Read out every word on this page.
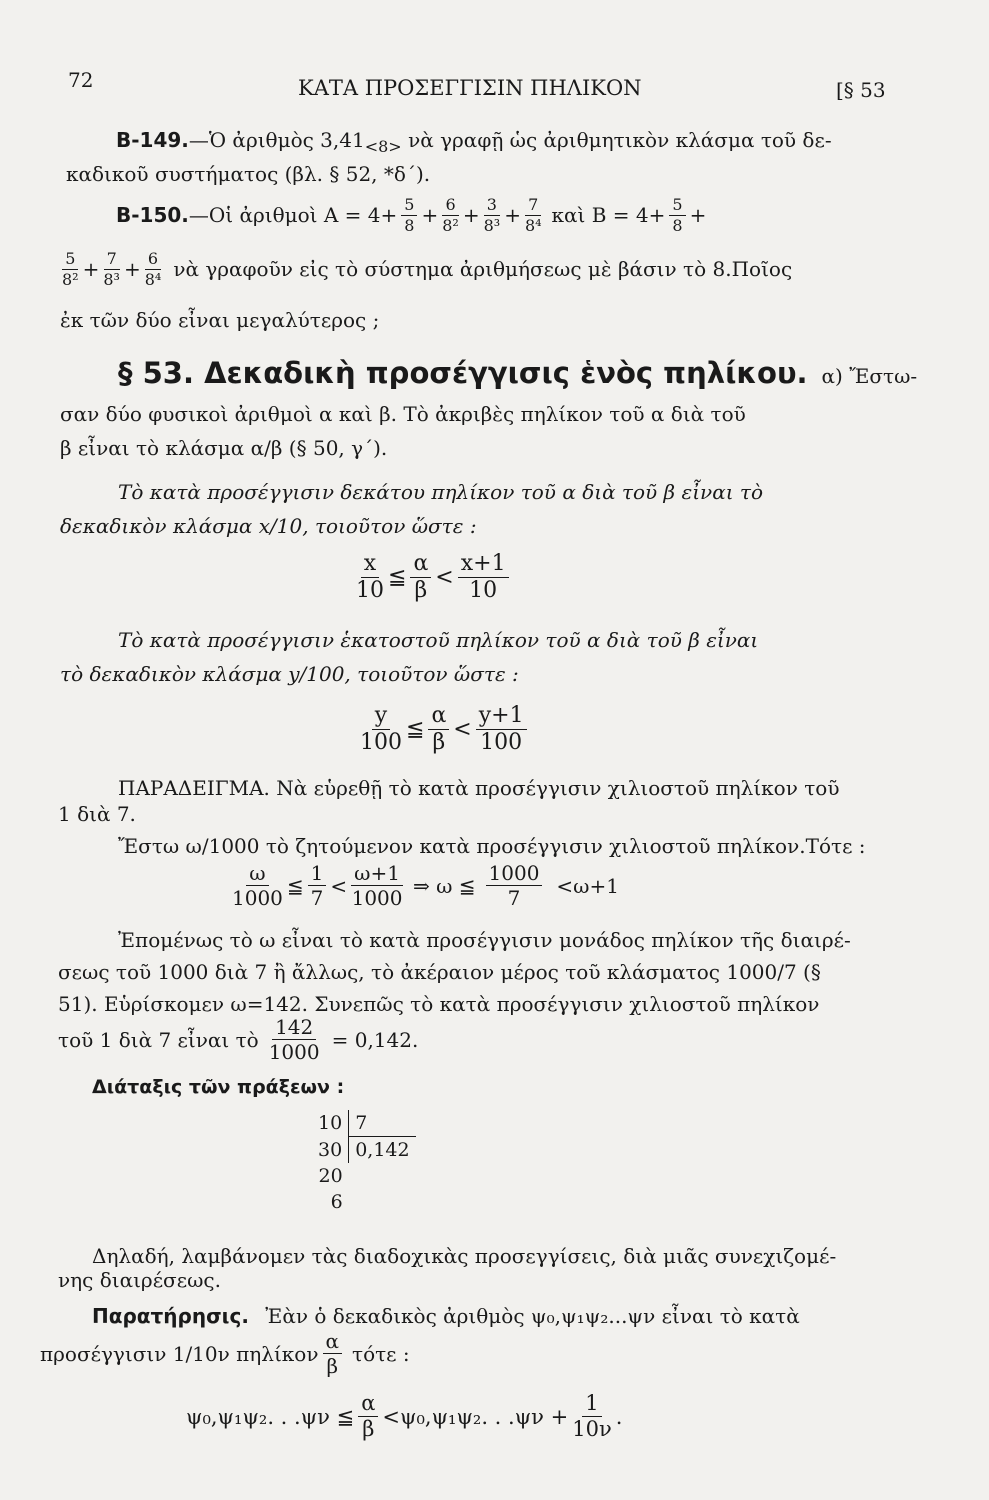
72	ΚΑΤΑ ΠΡΟΣΕΓΓΙΣΙΝ ΠΗΛΙΚΟΝ	[§ 53
Β-149.—Ὁ ἀριθμὸς $3,41_{<8>}$ νὰ γραφῇ ὡς ἀριθμητικὸν κλάσμα τοῦ δε-
καδικοῦ συστήματος (βλ. § 52, *δ΄).
Β-150. —Οἱ ἀριθμοὶ $A = 4+ \frac{5}{8} + \frac{6}{\text{8²}} + \frac{3}{\text{8³}} + \frac{7}{\text{8⁴}}$ καὶ $B = 4+ \frac{5}{8}$ +
$\frac{5}{\text{8²}} + \frac{7}{\text{8³}} + \frac{6}{\text{8⁴}}$ νὰ γραφοῦν εἰς τὸ σύστημα ἀριθμήσεως μὲ βάσιν τὸ 8.Ποῖος
ἐκ τῶν δύο εἶναι μεγαλύτερος ;
§ 53. Δεκαδικὴ προσέγγισις ἑνὸς πηλίκου. α) Ἔστω-
σαν δύο φυσικοὶ ἀριθμοὶ α καὶ β. Τὸ ἀκριβὲς πηλίκον τοῦ α διὰ τοῦ
β εἶναι τὸ κλάσμα α/β (§ 50, γ΄).
Τὸ κατὰ προσέγγισιν δεκάτου πηλίκον τοῦ α διὰ τοῦ β εἶναι τὸ
δεκαδικὸν κλάσμα x/10, τοιοῦτον ὥστε :
$\frac{x}{10}$ ≦ $\frac{\alpha}{\beta} < \frac{x+1}{10}$
Τὸ κατὰ προσέγγισιν ἑκατοστοῦ πηλίκον τοῦ α διὰ τοῦ β εἶναι
τὸ δεκαδικὸν κλάσμα y/100, τοιοῦτον ὥστε :
$\frac{y}{100}$ ≦ $\frac{\alpha}{\beta} < \frac{y+1}{100}$
ΠΑΡΑΔΕΙΓΜΑ. Νὰ εὑρεθῇ τὸ κατὰ προσέγγισιν χιλιοστοῦ πηλίκον τοῦ
1 διὰ 7.
Ἔστω ω/1000 τὸ ζητούμενον κατὰ προσέγγισιν χιλιοστοῦ πηλίκον.Τότε :
$\frac{\omega}{1000}$ ≦ $\frac{1}{7} < \frac{\omega+1}{1000}$ ⇒ ω ≦ $\frac{1000}{7} <\omega+1$
Ἐπομένως τὸ ω εἶναι τὸ κατὰ προσέγγισιν μονάδος πηλίκον τῆς διαιρέ-
σεως τοῦ 1000 διὰ 7 ἢ ἄλλως, τὸ ἀκέραιον μέρος τοῦ κλάσματος 1000/7 (§
51). Εὑρίσκομεν ω=142. Συνεπῶς τὸ κατὰ προσέγγισιν χιλιοστοῦ πηλίκον
τοῦ 1 διὰ 7 εἶναι τὸ $\frac{142}{1000} = 0,142$.
Διάταξις τῶν πράξεων :
10	7
30	0,142
20	
6	
Δηλαδή, λαμβάνομεν τὰς διαδοχικὰς προσεγγίσεις, διὰ μιᾶς συνεχιζομέ-
νης διαιρέσεως.
Παρατήρησις. Ἐὰν ὁ δεκαδικὸς ἀριθμὸς ψ₀,ψ₁ψ₂...ψν εἶναι τὸ κατὰ
προσέγγισιν 1/10ν πηλίκον $\frac{\alpha}{\beta}$ τότε :
ψ₀,ψ₁ψ₂. . .ψν ≦ $\frac{\alpha}{\beta} <\psi_0,\psi_1\psi_2$. . $.\psi\nu + \frac{1}{10\nu}$ .
